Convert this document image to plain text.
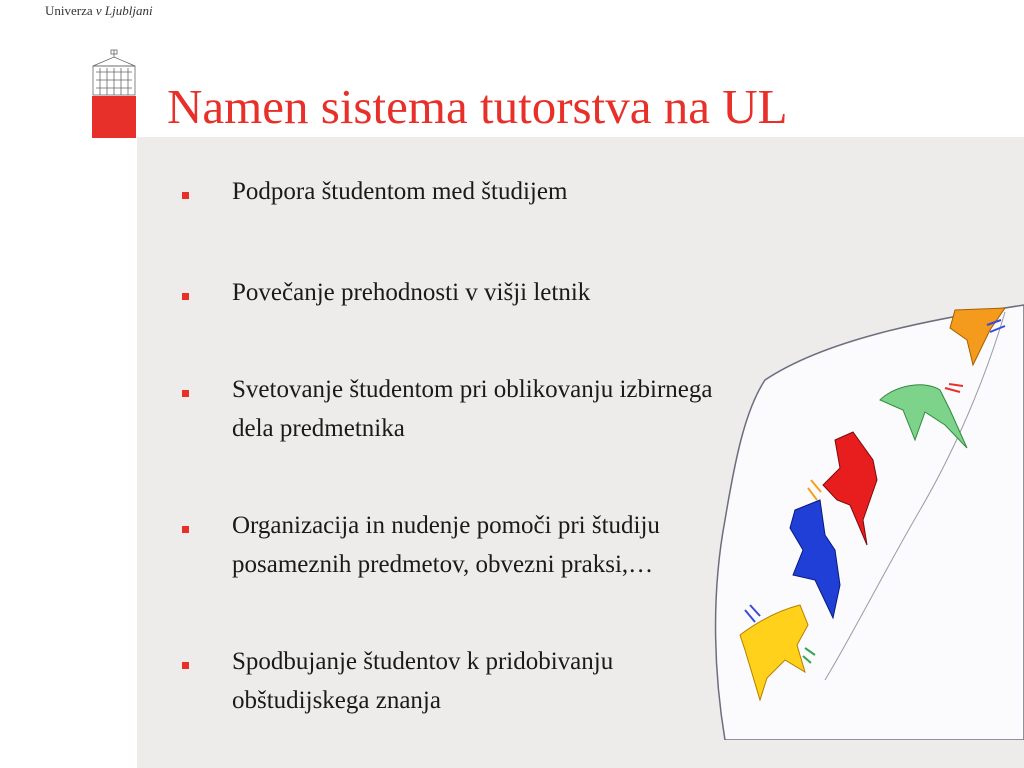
Univerza v Ljubljani
Namen sistema tutorstva na UL
Podpora študentom med študijem
Povečanje prehodnosti v višji letnik
Svetovanje študentom pri oblikovanju izbirnega dela predmetnika
Organizacija in nudenje pomoči pri študiju posameznih predmetov, obvezni praksi,…
Spodbujanje študentov k pridobivanju obštudijskega znanja
